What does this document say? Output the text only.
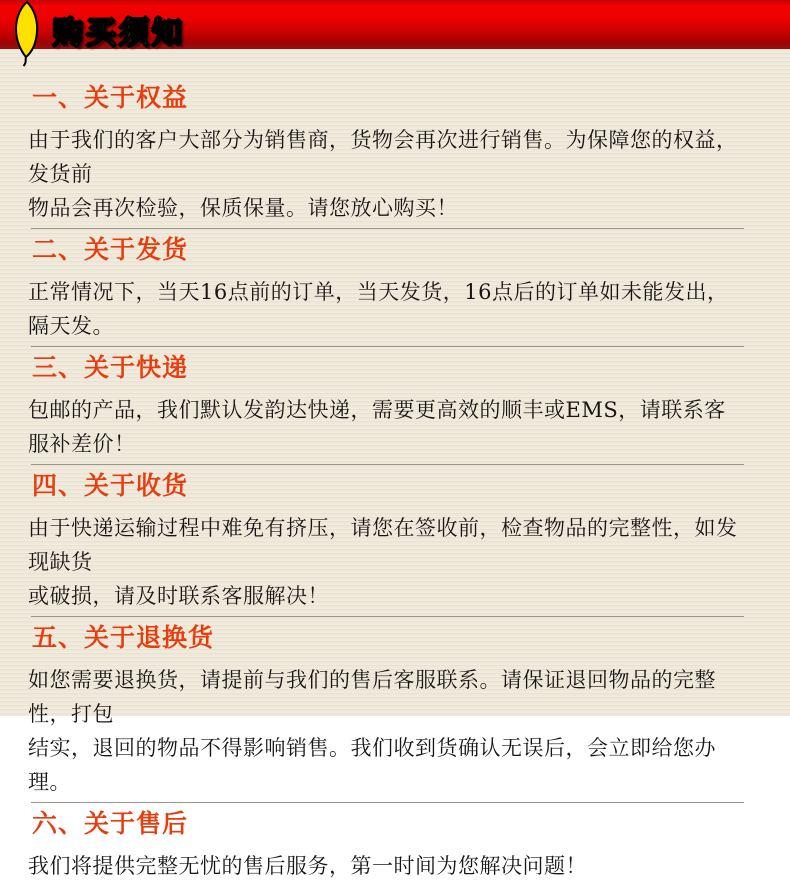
购买须知
一、关于权益
由于我们的客户大部分为销售商，货物会再次进行销售。为保障您的权益，发货前
物品会再次检验，保质保量。请您放心购买！
二、关于发货
正常情况下，当天16点前的订单，当天发货，16点后的订单如未能发出，隔天发。
三、关于快递
包邮的产品，我们默认发韵达快递，需要更高效的顺丰或EMS，请联系客服补差价！
四、关于收货
由于快递运输过程中难免有挤压，请您在签收前，检查物品的完整性，如发现缺货
或破损，请及时联系客服解决！
五、关于退换货
如您需要退换货，请提前与我们的售后客服联系。请保证退回物品的完整性，打包
结实，退回的物品不得影响销售。我们收到货确认无误后，会立即给您办理。
六、关于售后
我们将提供完整无忧的售后服务，第一时间为您解决问题！
